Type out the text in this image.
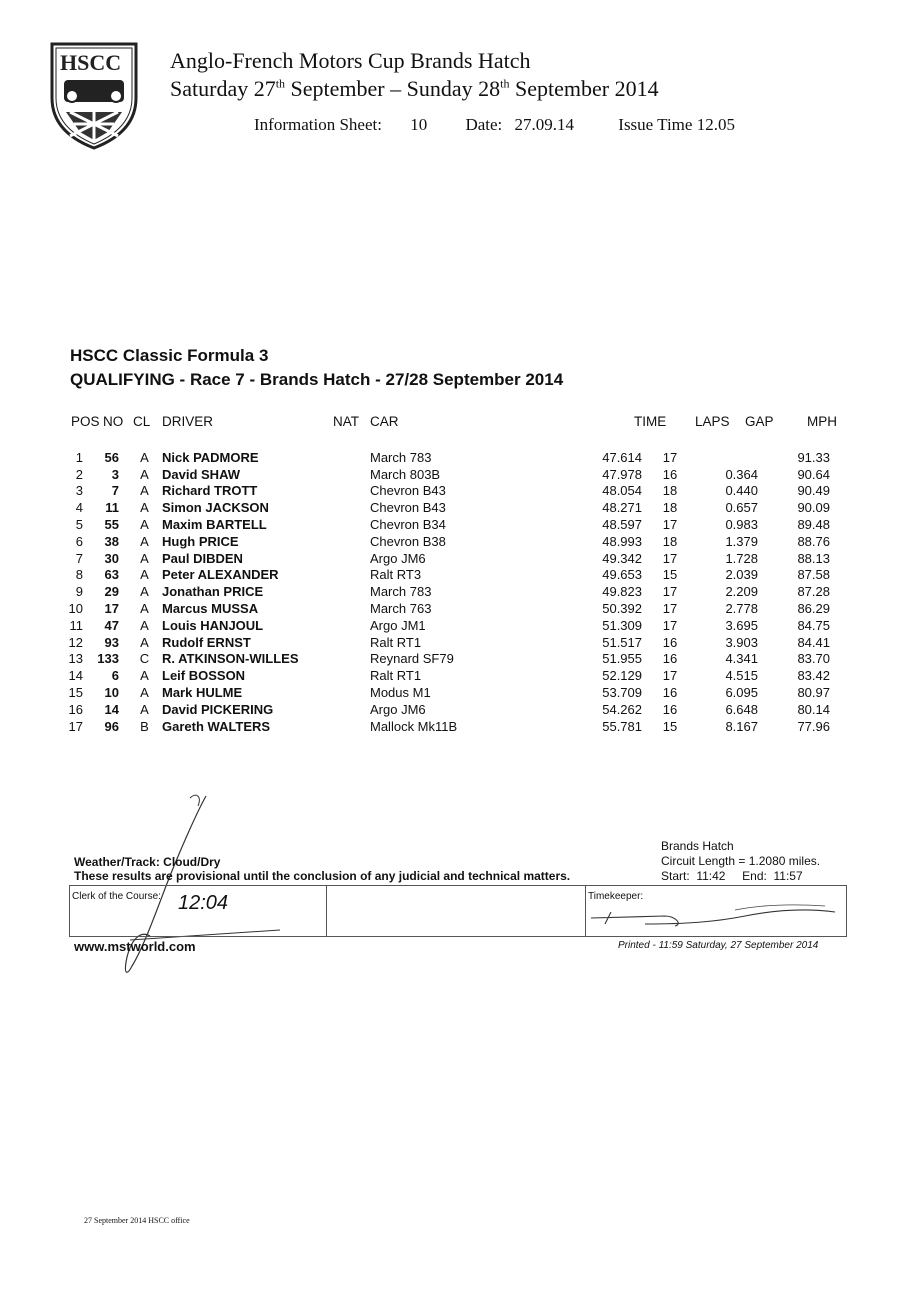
HSCC Anglo-French Motors Cup Brands Hatch
Saturday 27th September – Sunday 28th September 2014
Information Sheet: 10 Date: 27.09.14	Issue Time 12.05
HSCC Classic Formula 3
QUALIFYING - Race 7 - Brands Hatch - 27/28 September 2014
POS NO CL DRIVER	NAT CAR	TIME LAPS GAP MPH
1	56	A	Nick PADMORE	March 783	47.614	17		91.33
2	3	A	David SHAW	March 803B	47.978	16	0.364	90.64
3	7	A	Richard TROTT	Chevron B43	48.054	18	0.440	90.49
4	11	A	Simon JACKSON	Chevron B43	48.271	18	0.657	90.09
5	55	A	Maxim BARTELL	Chevron B34	48.597	17	0.983	89.48
6	38	A	Hugh PRICE	Chevron B38	48.993	18	1.379	88.76
7	30	A	Paul DIBDEN	Argo JM6	49.342	17	1.728	88.13
8	63	A	Peter ALEXANDER	Ralt RT3	49.653	15	2.039	87.58
9	29	A	Jonathan PRICE	March 783	49.823	17	2.209	87.28
10	17	A	Marcus MUSSA	March 763	50.392	17	2.778	86.29
11	47	A	Louis HANJOUL	Argo JM1	51.309	17	3.695	84.75
12	93	A	Rudolf ERNST	Ralt RT1	51.517	16	3.903	84.41
13	133	C	R. ATKINSON-WILLES	Reynard SF79	51.955	16	4.341	83.70
14	6	A	Leif BOSSON	Ralt RT1	52.129	17	4.515	83.42
15	10	A	Mark HULME	Modus M1	53.709	16	6.095	80.97
16	14	A	David PICKERING	Argo JM6	54.262	16	6.648	80.14
17	96	B	Gareth WALTERS	Mallock Mk11B	55.781	15	8.167	77.96
Brands Hatch
Circuit Length = 1.2080 miles.
Start:  11:42     End:  11:57
Weather/Track: Cloud/Dry
These results are provisional until the conclusion of any judicial and technical matters.
Clerk of the Course: 12:04	Timekeeper:
www.mstworld.com	Printed - 11:59 Saturday, 27 September 2014
27 September 2014 HSCC office
